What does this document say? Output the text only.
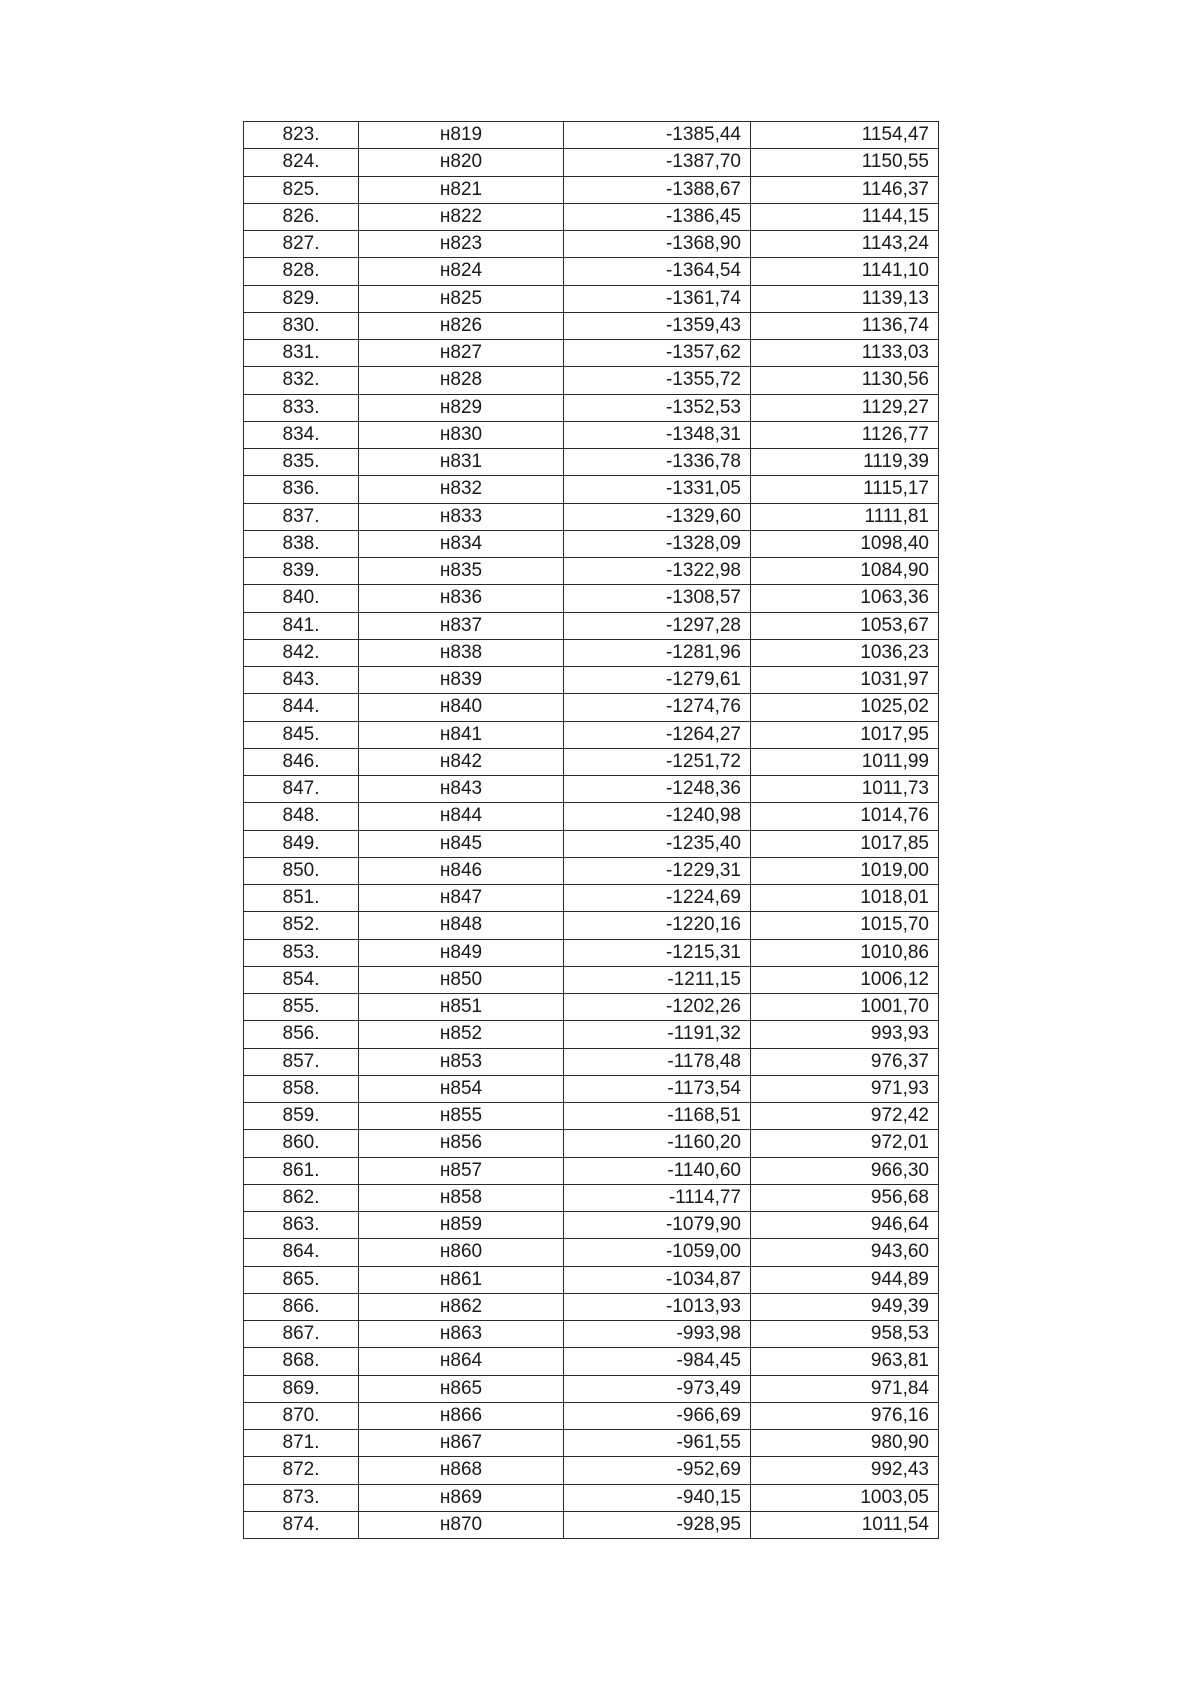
823.	н819	-1385,44	1154,47
824.	н820	-1387,70	1150,55
825.	н821	-1388,67	1146,37
826.	н822	-1386,45	1144,15
827.	н823	-1368,90	1143,24
828.	н824	-1364,54	1141,10
829.	н825	-1361,74	1139,13
830.	н826	-1359,43	1136,74
831.	н827	-1357,62	1133,03
832.	н828	-1355,72	1130,56
833.	н829	-1352,53	1129,27
834.	н830	-1348,31	1126,77
835.	н831	-1336,78	1119,39
836.	н832	-1331,05	1115,17
837.	н833	-1329,60	1111,81
838.	н834	-1328,09	1098,40
839.	н835	-1322,98	1084,90
840.	н836	-1308,57	1063,36
841.	н837	-1297,28	1053,67
842.	н838	-1281,96	1036,23
843.	н839	-1279,61	1031,97
844.	н840	-1274,76	1025,02
845.	н841	-1264,27	1017,95
846.	н842	-1251,72	1011,99
847.	н843	-1248,36	1011,73
848.	н844	-1240,98	1014,76
849.	н845	-1235,40	1017,85
850.	н846	-1229,31	1019,00
851.	н847	-1224,69	1018,01
852.	н848	-1220,16	1015,70
853.	н849	-1215,31	1010,86
854.	н850	-1211,15	1006,12
855.	н851	-1202,26	1001,70
856.	н852	-1191,32	993,93
857.	н853	-1178,48	976,37
858.	н854	-1173,54	971,93
859.	н855	-1168,51	972,42
860.	н856	-1160,20	972,01
861.	н857	-1140,60	966,30
862.	н858	-1114,77	956,68
863.	н859	-1079,90	946,64
864.	н860	-1059,00	943,60
865.	н861	-1034,87	944,89
866.	н862	-1013,93	949,39
867.	н863	-993,98	958,53
868.	н864	-984,45	963,81
869.	н865	-973,49	971,84
870.	н866	-966,69	976,16
871.	н867	-961,55	980,90
872.	н868	-952,69	992,43
873.	н869	-940,15	1003,05
874.	н870	-928,95	1011,54
